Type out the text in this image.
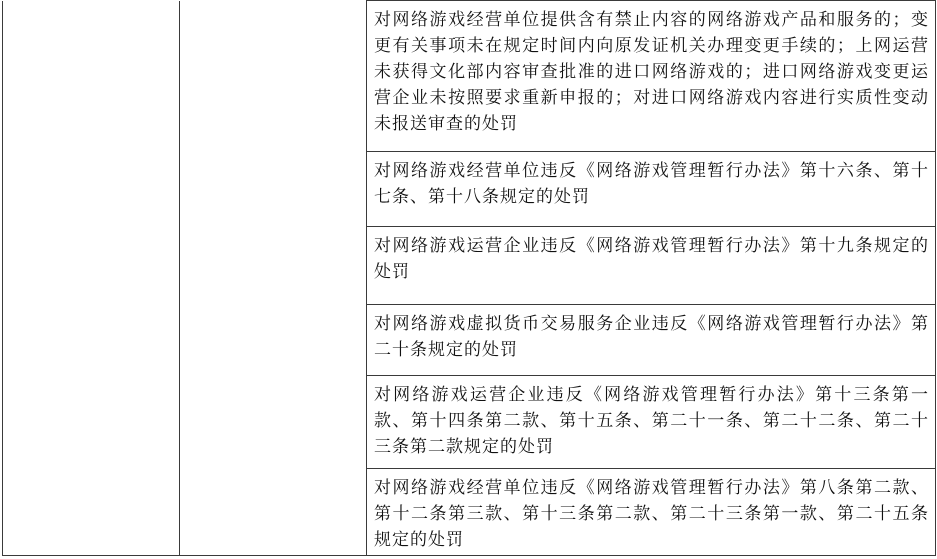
对网络游戏经营单位提供含有禁止内容的网络游戏产品和服务的；变更有关事项未在规定时间内向原发证机关办理变更手续的；上网运营未获得文化部内容审查批准的进口网络游戏的；进口网络游戏变更运营企业未按照要求重新申报的；对进口网络游戏内容进行实质性变动未报送审查的处罚

对网络游戏经营单位违反《网络游戏管理暂行办法》第十六条、第十七条、第十八条规定的处罚

对网络游戏运营企业违反《网络游戏管理暂行办法》第十九条规定的处罚

对网络游戏虚拟货币交易服务企业违反《网络游戏管理暂行办法》第二十条规定的处罚

对网络游戏运营企业违反《网络游戏管理暂行办法》第十三条第一款、第十四条第二款、第十五条、第二十一条、第二十二条、第二十三条第二款规定的处罚

对网络游戏经营单位违反《网络游戏管理暂行办法》第八条第二款、第十二条第三款、第十三条第二款、第二十三条第一款、第二十五条规定的处罚
